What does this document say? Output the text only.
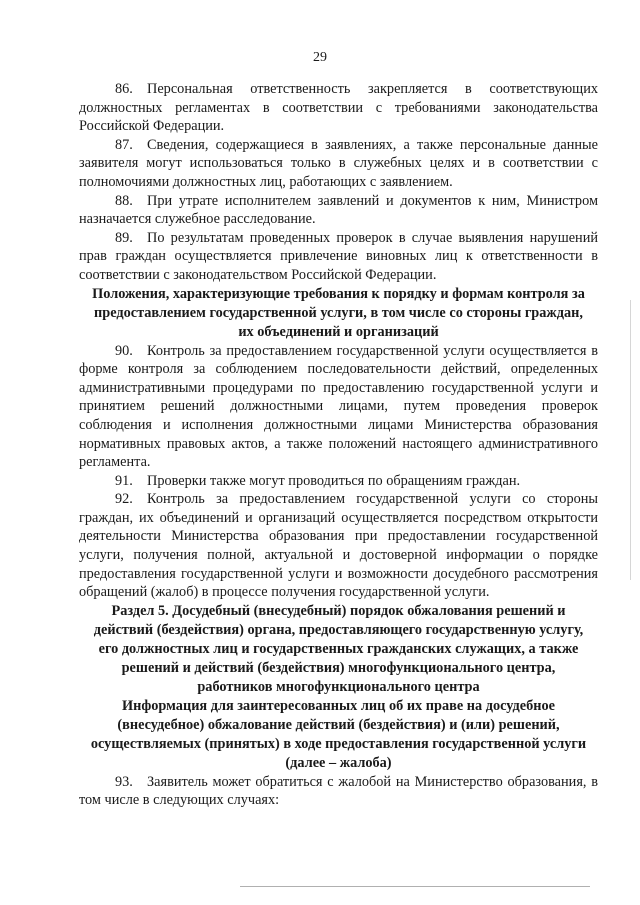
29

86. Персональная ответственность закрепляется в соответствующих должностных регламентах в соответствии с требованиями законодательства Российской Федерации.

87. Сведения, содержащиеся в заявлениях, а также персональные данные заявителя могут использоваться только в служебных целях и в соответствии с полномочиями должностных лиц, работающих с заявлением.

88. При утрате исполнителем заявлений и документов к ним, Министром назначается служебное расследование.

89. По результатам проведенных проверок в случае выявления нарушений прав граждан осуществляется привлечение виновных лиц к ответственности в соответствии с законодательством Российской Федерации.

Положения, характеризующие требования к порядку и формам контроля за
предоставлением государственной услуги, в том числе со стороны граждан,
их объединений и организаций

90. Контроль за предоставлением государственной услуги осуществляется в форме контроля за соблюдением последовательности действий, определенных административными процедурами по предоставлению государственной услуги и принятием решений должностными лицами, путем проведения проверок соблюдения и исполнения должностными лицами Министерства образования нормативных правовых актов, а также положений настоящего административного регламента.

91. Проверки также могут проводиться по обращениям граждан.

92. Контроль за предоставлением государственной услуги со стороны граждан, их объединений и организаций осуществляется посредством открытости деятельности Министерства образования при предоставлении государственной услуги, получения полной, актуальной и достоверной информации о порядке предоставления государственной услуги и возможности досудебного рассмотрения обращений (жалоб) в процессе получения государственной услуги.

Раздел 5. Досудебный (внесудебный) порядок обжалования решений и
действий (бездействия) органа, предоставляющего государственную услугу,
его должностных лиц и государственных гражданских служащих, а также
решений и действий (бездействия) многофункционального центра,
работников многофункционального центра
Информация для заинтересованных лиц об их праве на досудебное
(внесудебное) обжалование действий (бездействия) и (или) решений,
осуществляемых (принятых) в ходе предоставления государственной услуги
(далее – жалоба)

93. Заявитель может обратиться с жалобой на Министерство образования, в том числе в следующих случаях:
